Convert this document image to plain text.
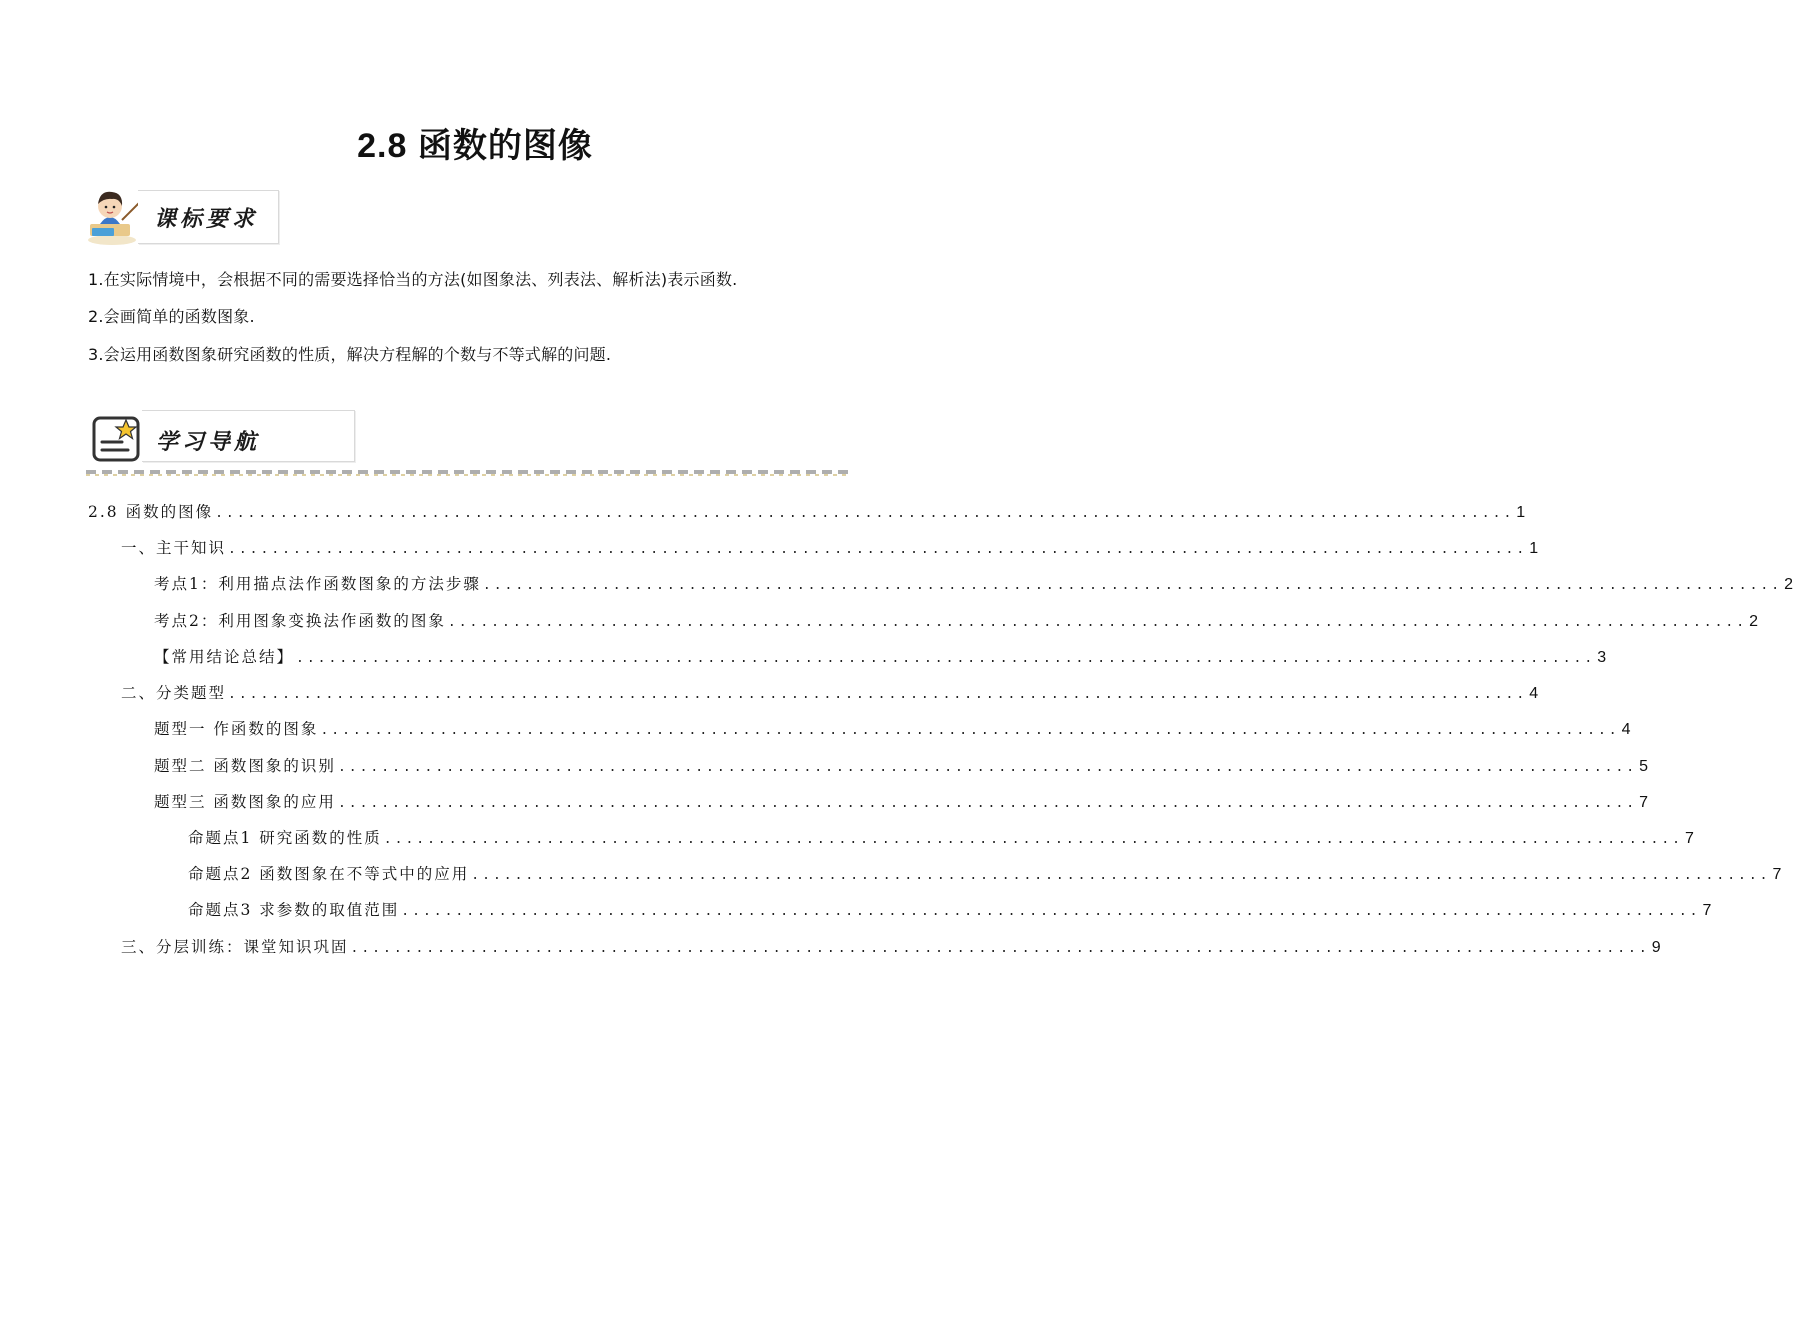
2.8 函数的图像
课标要求
1.在实际情境中，会根据不同的需要选择恰当的方法(如图象法、列表法、解析法)表示函数.
2.会画简单的函数图象.
3.会运用函数图象研究函数的性质，解决方程解的个数与不等式解的问题.
学习导航
2.8 函数的图像 ........................................................................................................................ 1
一、主干知识 ........................................................................................................................ 1
考点1：利用描点法作函数图象的方法步骤 ........................................................................................................................ 2
考点2：利用图象变换法作函数的图象 ........................................................................................................................ 2
【常用结论总结】 ........................................................................................................................ 3
二、分类题型 ........................................................................................................................ 4
题型一 作函数的图象 ........................................................................................................................ 4
题型二 函数图象的识别 ........................................................................................................................ 5
题型三 函数图象的应用 ........................................................................................................................ 7
命题点1 研究函数的性质 ........................................................................................................................ 7
命题点2 函数图象在不等式中的应用 ........................................................................................................................ 7
命题点3 求参数的取值范围 ........................................................................................................................ 7
三、分层训练：课堂知识巩固 ........................................................................................................................ 9
